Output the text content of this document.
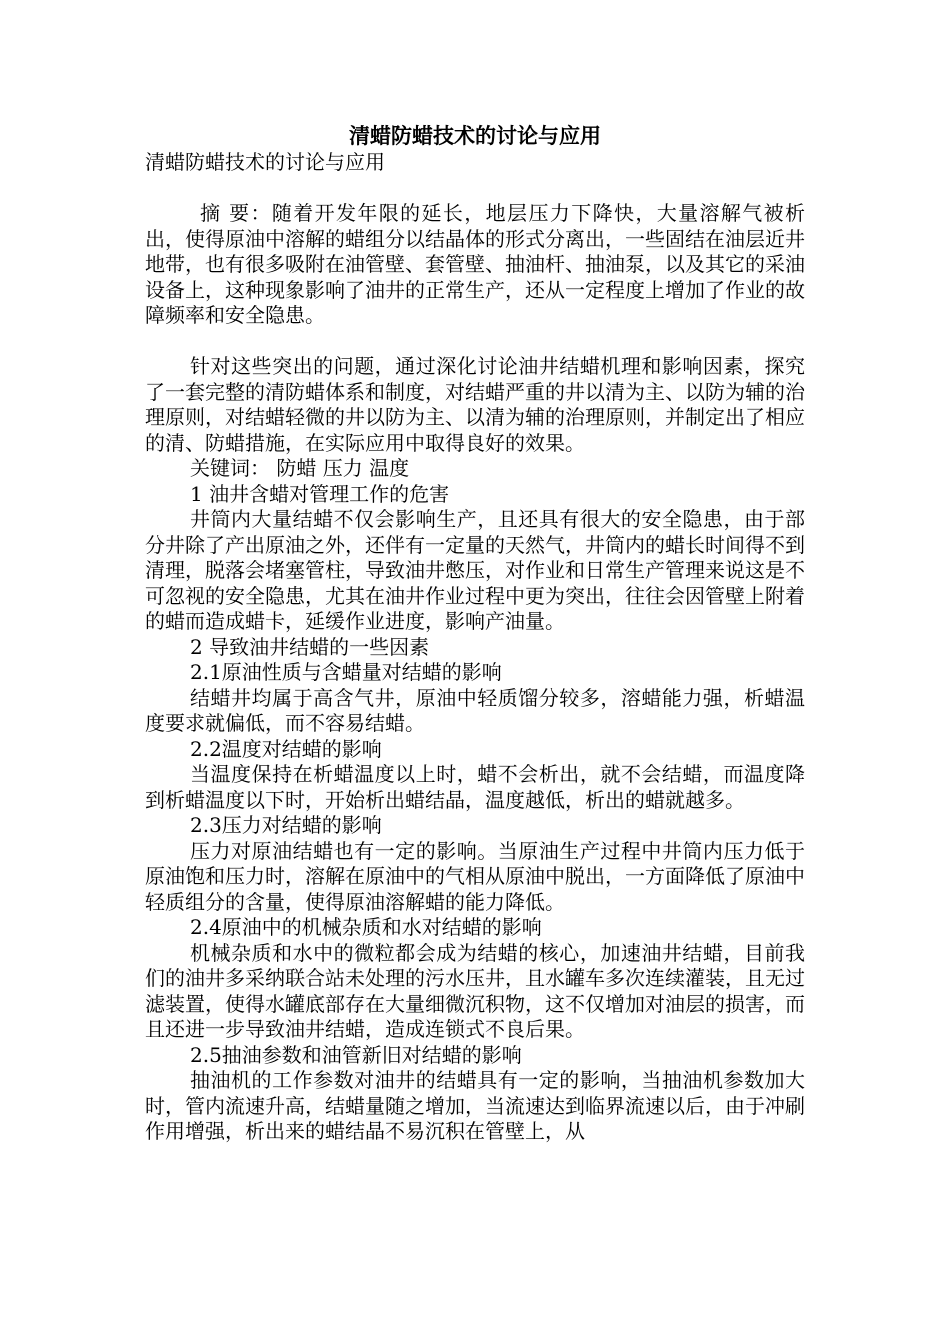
清蜡防蜡技术的讨论与应用

清蜡防蜡技术的讨论与应用

摘 要：随着开发年限的延长，地层压力下降快，大量溶解气被析出，使得原油中溶解的蜡组分以结晶体的形式分离出，一些固结在油层近井地带，也有很多吸附在油管壁、套管壁、抽油杆、抽油泵，以及其它的采油设备上，这种现象影响了油井的正常生产，还从一定程度上增加了作业的故障频率和安全隐患。

针对这些突出的问题，通过深化讨论油井结蜡机理和影响因素，探究了一套完整的清防蜡体系和制度，对结蜡严重的井以清为主、以防为辅的治理原则，对结蜡轻微的井以防为主、以清为辅的治理原则，并制定出了相应的清、防蜡措施，在实际应用中取得良好的效果。

关键词： 防蜡 压力 温度

1 油井含蜡对管理工作的危害

井筒内大量结蜡不仅会影响生产，且还具有很大的安全隐患，由于部分井除了产出原油之外，还伴有一定量的天然气，井筒内的蜡长时间得不到清理，脱落会堵塞管柱，导致油井憋压，对作业和日常生产管理来说这是不可忽视的安全隐患，尤其在油井作业过程中更为突出，往往会因管壁上附着的蜡而造成蜡卡，延缓作业进度，影响产油量。

2 导致油井结蜡的一些因素

2.1原油性质与含蜡量对结蜡的影响

结蜡井均属于高含气井，原油中轻质馏分较多，溶蜡能力强，析蜡温度要求就偏低，而不容易结蜡。

2.2温度对结蜡的影响

当温度保持在析蜡温度以上时，蜡不会析出，就不会结蜡，而温度降到析蜡温度以下时，开始析出蜡结晶，温度越低，析出的蜡就越多。

2.3压力对结蜡的影响

压力对原油结蜡也有一定的影响。当原油生产过程中井筒内压力低于原油饱和压力时，溶解在原油中的气相从原油中脱出，一方面降低了原油中轻质组分的含量，使得原油溶解蜡的能力降低。

2.4原油中的机械杂质和水对结蜡的影响

机械杂质和水中的微粒都会成为结蜡的核心，加速油井结蜡，目前我们的油井多采纳联合站未处理的污水压井，且水罐车多次连续灌装，且无过滤装置，使得水罐底部存在大量细微沉积物，这不仅增加对油层的损害，而且还进一步导致油井结蜡，造成连锁式不良后果。

2.5抽油参数和油管新旧对结蜡的影响

抽油机的工作参数对油井的结蜡具有一定的影响，当抽油机参数加大时，管内流速升高，结蜡量随之增加，当流速达到临界流速以后，由于冲刷作用增强，析出来的蜡结晶不易沉积在管壁上，从
